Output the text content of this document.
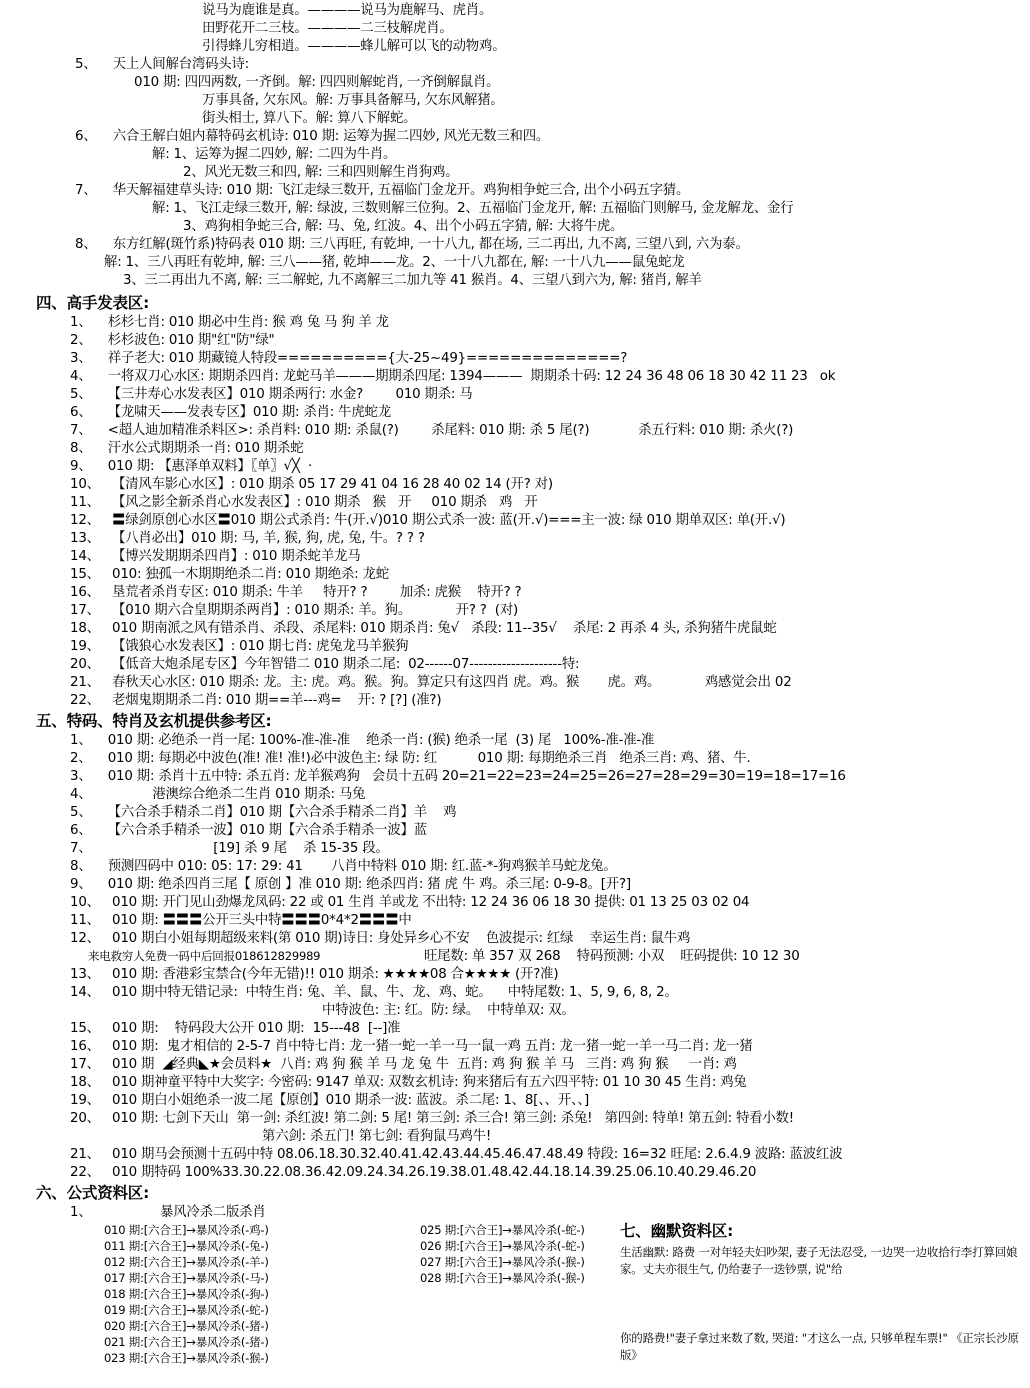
说马为鹿谁是真。————说马为鹿解马、虎肖。
田野花开二三枝。————二三枝解虎肖。
引得蜂儿穷相逍。————蜂儿解可以飞的动物鸡。
5、    天上人间解台湾码头诗:
010 期: 四四两数, 一齐倒。解: 四四则解蛇肖, 一齐倒解鼠肖。
万事具备, 欠东风。解: 万事具备解马, 欠东风解猪。
街头相士, 算八下。解: 算八下解蛇。
6、    六合王解白姐内幕特码玄机诗: 010 期: 运筹为握二四妙, 风光无数三和四。
解: 1、运筹为握二四妙, 解: 二四为牛肖。
2、风光无数三和四, 解: 三和四则解生肖狗鸡。
7、    华天解福建草头诗: 010 期: 飞江走绿三数开, 五福临门金龙开。鸡狗相争蛇三合, 出个小码五字猜。
解: 1、飞江走绿三数开, 解: 绿波, 三数则解三位狗。2、五福临门金龙开, 解: 五福临门则解马, 金龙解龙、金行
3、鸡狗相争蛇三合, 解: 马、兔, 红波。4、出个小码五字猜, 解: 大将牛虎。
8、    东方红解(斑竹系)特码表 010 期: 三八再旺, 有乾坤, 一十八九, 都在场, 三二再出, 九不离, 三望八到, 六为泰。
解: 1、三八再旺有乾坤, 解: 三八——猪, 乾坤——龙。2、一十八九都在, 解: 一十八九——鼠兔蛇龙
3、三二再出九不离, 解: 三二解蛇, 九不离解三二加九等 41 猴肖。4、三望八到六为, 解: 猪肖, 解羊
四、高手发表区:
1、    杉杉七肖: 010 期必中生肖: 猴 鸡 兔 马 狗 羊 龙
2、    杉杉波色: 010 期"红"防"绿"
3、    祥子老大: 010 期藏镜人特段=========={大-25~49}==============?
4、    一将双刀心水区: 期期杀四肖: 龙蛇马羊———期期杀四尾: 1394———  期期杀十码: 12 24 36 48 06 18 30 42 11 23   ok
5、    【三井寿心水发表区】010 期杀两行: 水金?        010 期杀: 马
6、    【龙啸天——发表专区】010 期: 杀肖: 牛虎蛇龙
7、    <超人迪加精准杀料区>: 杀肖料: 010 期: 杀鼠(?)        杀尾料: 010 期: 杀 5 尾(?)            杀五行料: 010 期: 杀火(?)
8、    汗水公式期期杀一肖: 010 期杀蛇
9、    010 期: 【惠泽单双料】〖单〗√╳  ·
10、   【清风车影心水区】: 010 期杀 05 17 29 41 04 16 28 40 02 14 (开? 对)
11、   【风之影全新杀肖心水发表区】: 010 期杀   猴   开     010 期杀   鸡   开
12、   〓绿剑原创心水区〓010 期公式杀肖: 牛(开.√)010 期公式杀一波: 蓝(开.√)===主一波: 绿 010 期单双区: 单(开.√)
13、   【八肖必出】010 期: 马, 羊, 猴, 狗, 虎, 兔, 牛。? ? ?
14、   【博兴发期期杀四肖】: 010 期杀蛇羊龙马
15、   010: 独孤一木期期绝杀二肖: 010 期绝杀: 龙蛇
16、   垦荒者杀肖专区: 010 期杀: 牛羊     特开? ?        加杀: 虎猴    特开? ?
17、   【010 期六合皇期期杀两肖】: 010 期杀: 羊。狗。           开? ?  (对)
18、   010 期南派之风有错杀肖、杀段、杀尾料: 010 期杀肖: 兔√   杀段: 11--35√    杀尾: 2 再杀 4 头, 杀狗猪牛虎鼠蛇
19、   【饿狼心水发表区】: 010 期七肖: 虎兔龙马羊猴狗
20、   【低音大炮杀尾专区】今年智错二 010 期杀二尾:  02------07--------------------特:
21、   春秋天心水区: 010 期杀: 龙。主: 虎。鸡。猴。狗。算定只有这四肖 虎。鸡。猴       虎。鸡。           鸡感觉会出 02
22、   老烟鬼期期杀二肖: 010 期==羊---鸡=    开: ? [?] (准?)
五、特码、特肖及玄机提供参考区:
1、    010 期: 必绝杀一肖一尾: 100%-准-准-准    绝杀一肖: (猴) 绝杀一尾  (3) 尾   100%-准-准-准
2、    010 期: 每期必中波色(准! 准! 准!)必中波色主: 绿 防: 红          010 期: 每期绝杀三肖   绝杀三肖: 鸡、猪、牛.
3、    010 期: 杀肖十五中特: 杀五肖: 龙羊猴鸡狗   会员十五码 20=21=22=23=24=25=26=27=28=29=30=19=18=17=16
4、               港澳综合绝杀二生肖 010 期杀: 马兔
5、    【六合杀手精杀二肖】010 期【六合杀手精杀二肖】羊    鸡
6、    【六合杀手精杀一波】010 期【六合杀手精杀一波】蓝
7、                              [19] 杀 9 尾    杀 15-35 段。
8、    预测四码中 010: 05: 17: 29: 41       八肖中特料 010 期: 红.蓝-*-狗鸡猴羊马蛇龙兔。
9、    010 期: 绝杀四肖三尾【 原创 】准 010 期: 绝杀四肖: 猪 虎 牛 鸡。杀三尾: 0-9-8。[开?]
10、   010 期: 开门见山劲爆龙凤码: 22 或 01 生肖 羊或龙 不出特: 12 24 36 06 18 30 提供: 01 13 25 03 02 04
11、   010 期: 〓〓〓公开三头中特〓〓〓0*4*2〓〓〓中
12、   010 期白小姐每期超级来料(第 010 期)诗日: 身处异乡心不安    色波提示: 红绿    幸运生肖: 鼠牛鸡
来电救穷人免费一码中后回报018612829989	旺尾数: 单 357 双 268    特码预测: 小双    旺码提供: 10 12 30
13、   010 期: 香港彩宝禁合(今年无错)!! 010 期杀: ★★★★08 合★★★★ (开?准)
14、   010 期中特无错记录:  中特生肖: 兔、羊、鼠、牛、龙、鸡、蛇。    中特尾数: 1、5, 9, 6, 8, 2。
中特波色: 主: 红。防: 绿。  中特单双: 双。
15、   010 期:    特码段大公开 010 期:  15---48  [--]准
16、   010 期:  鬼才相信的 2-5-7 肖中特七肖: 龙一猪一蛇一羊一马一鼠一鸡 五肖: 龙一猪一蛇一羊一马二肖: 龙一猪
17、   010 期  ◢经典◣★会员料★  八肖: 鸡 狗 猴 羊 马 龙 兔 牛  五肖: 鸡 狗 猴 羊 马   三肖: 鸡 狗 猴     一肖: 鸡
18、   010 期神童平特中大奖字: 今密码: 9147 单双: 双数玄机诗: 狗来猪后有五六四平特: 01 10 30 45 生肖: 鸡兔
19、   010 期白小姐绝杀一波二尾【原创】010 期杀一波: 蓝波。杀二尾: 1、8[、、开、、]
20、   010 期: 七剑下天山  第一剑: 杀红波! 第二剑: 5 尾! 第三剑: 杀三合! 第三剑: 杀兔!   第四剑: 特单! 第五剑: 特看小数!
第六剑: 杀五门! 第七剑: 看狗鼠马鸡牛!
21、   010 期马会预测十五码中特 08.06.18.30.32.40.41.42.43.44.45.46.47.48.49 特段: 16=32 旺尾: 2.6.4.9 波路: 蓝波红波
22、   010 期特码 100%33.30.22.08.36.42.09.24.34.26.19.38.01.48.42.44.18.14.39.25.06.10.40.29.46.20
六、公式资料区:
1、	暴风冷杀二版杀肖
010 期:[六合王]→暴风冷杀(-鸡-)
011 期:[六合王]→暴风冷杀(-兔-)
012 期:[六合王]→暴风冷杀(-羊-)
017 期:[六合王]→暴风冷杀(-马-)
018 期:[六合王]→暴风冷杀(-狗-)
019 期:[六合王]→暴风冷杀(-蛇-)
020 期:[六合王]→暴风冷杀(-猪-)
021 期:[六合王]→暴风冷杀(-猪-)
023 期:[六合王]→暴风冷杀(-猴-)
025 期:[六合王]→暴风冷杀(-蛇-)
026 期:[六合王]→暴风冷杀(-蛇-)
027 期:[六合王]→暴风冷杀(-猴-)
028 期:[六合王]→暴风冷杀(-猴-)
七、幽默资料区:
生活幽默: 路费 一对年轻夫妇吵架, 妻子无法忍受, 一边哭一边收拾行李打算回娘家。丈夫亦很生气, 仍给妻子一迭钞票, 说"给
你的路费!"妻子拿过来数了数, 哭道: "才这么一点, 只够单程车票!" 《正宗长沙原版》
